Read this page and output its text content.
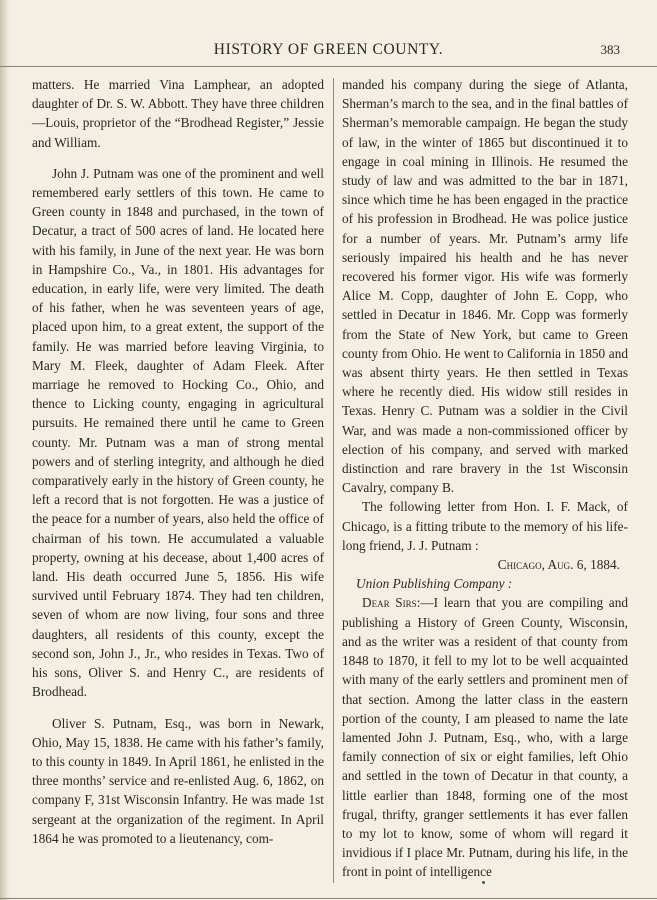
HISTORY OF GREEN COUNTY.	383

matters. He married Vina Lamphear, an adopted daughter of Dr. S. W. Abbott. They have three children—Louis, proprietor of the “Brodhead Register,” Jessie and William.

John J. Putnam was one of the prominent and well remembered early settlers of this town. He came to Green county in 1848 and purchased, in the town of Decatur, a tract of 500 acres of land. He located here with his family, in June of the next year. He was born in Hampshire Co., Va., in 1801. His advantages for education, in early life, were very limited. The death of his father, when he was seventeen years of age, placed upon him, to a great extent, the support of the family. He was married before leaving Virginia, to Mary M. Fleek, daughter of Adam Fleek. After marriage he removed to Hocking Co., Ohio, and thence to Licking county, engaging in agricultural pursuits. He remained there until he came to Green county. Mr. Putnam was a man of strong mental powers and of sterling integrity, and although he died comparatively early in the history of Green county, he left a record that is not forgotten. He was a justice of the peace for a number of years, also held the office of chairman of his town. He accumulated a valuable property, owning at his decease, about 1,400 acres of land. His death occurred June 5, 1856. His wife survived until February 1874. They had ten children, seven of whom are now living, four sons and three daughters, all residents of this county, except the second son, John J., Jr., who resides in Texas. Two of his sons, Oliver S. and Henry C., are residents of Brodhead.

Oliver S. Putnam, Esq., was born in Newark, Ohio, May 15, 1838. He came with his father’s family, to this county in 1849. In April 1861, he enlisted in the three months’ service and re-enlisted Aug. 6, 1862, on company F, 31st Wisconsin Infantry. He was made 1st sergeant at the organization of the regiment. In April 1864 he was promoted to a lieutenancy, com-

manded his company during the siege of Atlanta, Sherman’s march to the sea, and in the final battles of Sherman’s memorable campaign. He began the study of law, in the winter of 1865 but discontinued it to engage in coal mining in Illinois. He resumed the study of law and was admitted to the bar in 1871, since which time he has been engaged in the practice of his profession in Brodhead. He was police justice for a number of years. Mr. Putnam’s army life seriously impaired his health and he has never recovered his former vigor. His wife was formerly Alice M. Copp, daughter of John E. Copp, who settled in Decatur in 1846. Mr. Copp was formerly from the State of New York, but came to Green county from Ohio. He went to California in 1850 and was absent thirty years. He then settled in Texas where he recently died. His widow still resides in Texas. Henry C. Putnam was a soldier in the Civil War, and was made a non-commissioned officer by election of his company, and served with marked distinction and rare bravery in the 1st Wisconsin Cavalry, company B.

The following letter from Hon. I. F. Mack, of Chicago, is a fitting tribute to the memory of his life-long friend, J. J. Putnam :

Chicago, Aug. 6, 1884.

Union Publishing Company :

Dear Sirs:—I learn that you are compiling and publishing a History of Green County, Wisconsin, and as the writer was a resident of that county from 1848 to 1870, it fell to my lot to be well acquainted with many of the early settlers and prominent men of that section. Among the latter class in the eastern portion of the county, I am pleased to name the late lamented John J. Putnam, Esq., who, with a large family connection of six or eight families, left Ohio and settled in the town of Decatur in that county, a little earlier than 1848, forming one of the most frugal, thrifty, granger settlements it has ever fallen to my lot to know, some of whom will regard it invidious if I place Mr. Putnam, during his life, in the front in point of intelligence
